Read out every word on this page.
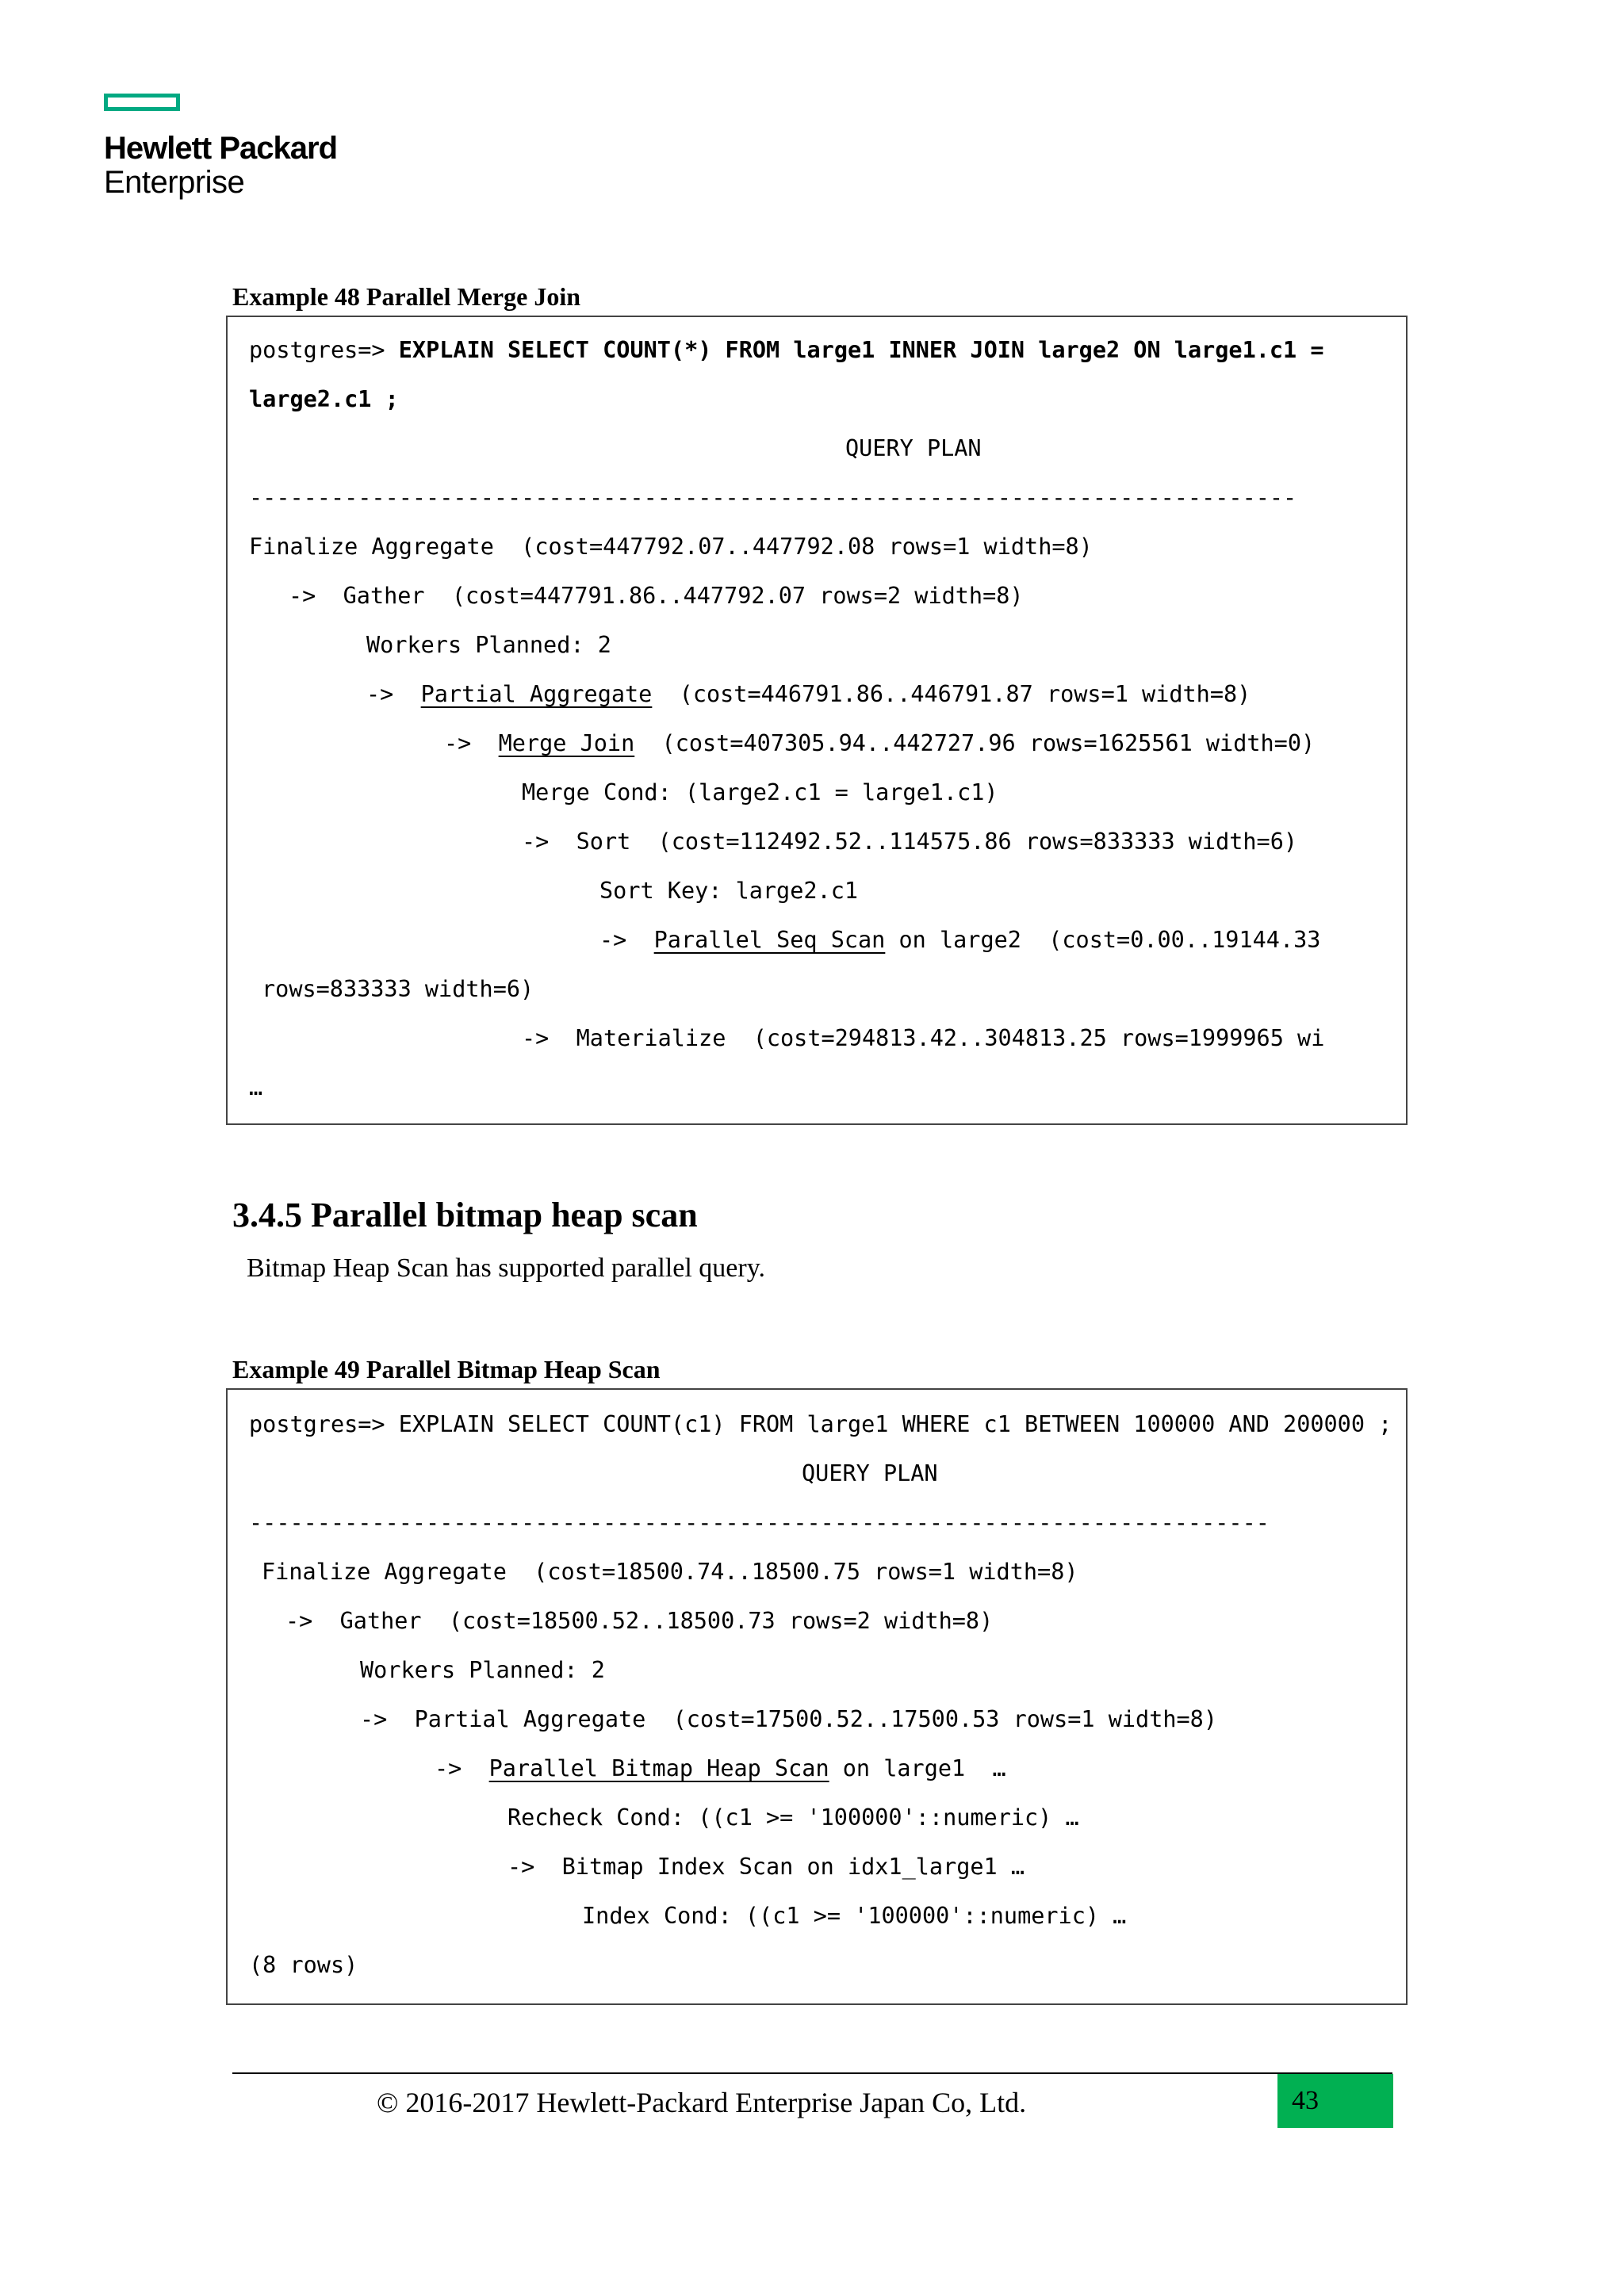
Hewlett Packard
Enterprise
Example 48 Parallel Merge Join
postgres=> EXPLAIN SELECT COUNT(*) FROM large1 INNER JOIN large2 ON large1.c1 =
large2.c1 ;
QUERY PLAN
-----------------------------------------------------------------------------
Finalize Aggregate  (cost=447792.07..447792.08 rows=1 width=8)
->  Gather  (cost=447791.86..447792.07 rows=2 width=8)
Workers Planned: 2
->  Partial Aggregate  (cost=446791.86..446791.87 rows=1 width=8)
->  Merge Join  (cost=407305.94..442727.96 rows=1625561 width=0)
Merge Cond: (large2.c1 = large1.c1)
->  Sort  (cost=112492.52..114575.86 rows=833333 width=6)
Sort Key: large2.c1
->  Parallel Seq Scan on large2  (cost=0.00..19144.33
rows=833333 width=6)
->  Materialize  (cost=294813.42..304813.25 rows=1999965 wi
…
3.4.5 Parallel bitmap heap scan
Bitmap Heap Scan has supported parallel query.
Example 49 Parallel Bitmap Heap Scan
postgres=> EXPLAIN SELECT COUNT(c1) FROM large1 WHERE c1 BETWEEN 100000 AND 200000 ;
QUERY PLAN
---------------------------------------------------------------------------
Finalize Aggregate  (cost=18500.74..18500.75 rows=1 width=8)
->  Gather  (cost=18500.52..18500.73 rows=2 width=8)
Workers Planned: 2
->  Partial Aggregate  (cost=17500.52..17500.53 rows=1 width=8)
->  Parallel Bitmap Heap Scan on large1  …
Recheck Cond: ((c1 >= '100000'::numeric) …
->  Bitmap Index Scan on idx1_large1 …
Index Cond: ((c1 >= '100000'::numeric) …
(8 rows)
© 2016-2017 Hewlett-Packard Enterprise Japan Co, Ltd.	43
